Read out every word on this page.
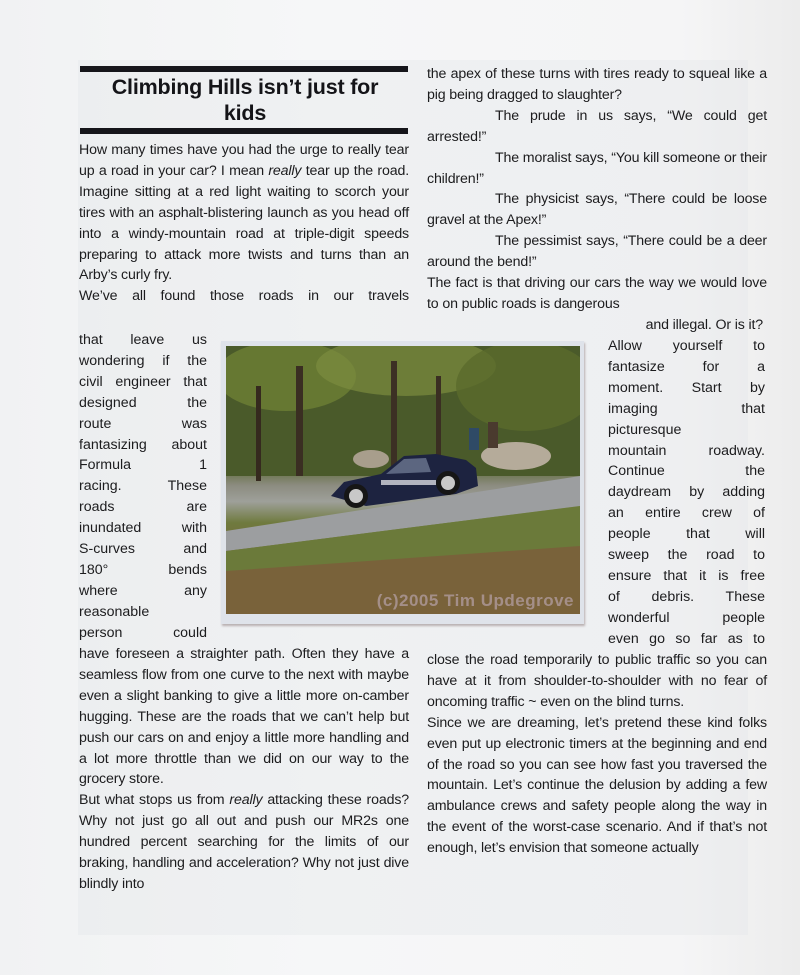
Climbing Hills isn’t just for
kids

How many times have you had the urge to really tear up a road in your car? I mean really tear up the road. Imagine sitting at a red light waiting to scorch your tires with an asphalt-blistering launch as you head off into a windy-mountain road at triple-digit speeds preparing to attack more twists and turns than an Arby’s curly fry.

We’ve all found those roads in our travels

that leave us
wondering if the
civil engineer that
designed the
route was
fantasizing about
Formula 1
racing. These
roads are
inundated with
S-curves and
180° bends
where any
reasonable
person could

have foreseen a straighter path. Often they have a seamless flow from one curve to the next with maybe even a slight banking to give a little more on-camber hugging. These are the roads that we can’t help but push our cars on and enjoy a little more handling and a lot more throttle than we did on our way to the grocery store.

But what stops us from really attacking these roads? Why not just go all out and push our MR2s one hundred percent searching for the limits of our braking, handling and acceleration? Why not just dive blindly into

the apex of these turns with tires ready to squeal like a pig being dragged to slaughter?

The prude in us says, “We could get arrested!”

The moralist says, “You kill someone or their children!”

The physicist says, “There could be loose gravel at the Apex!”

The pessimist says, “There could be a deer around the bend!”

The fact is that driving our cars the way we would love to on public roads is dangerous

and illegal. Or is it?

Allow yourself to
fantasize for a
moment. Start by
imaging that
picturesque
mountain roadway.
Continue the
daydream by adding
an entire crew of
people that will
sweep the road to
ensure that it is free
of debris. These
wonderful people
even go so far as to

close the road temporarily to public traffic so you can have at it from shoulder-to-shoulder with no fear of oncoming traffic ~ even on the blind turns.

Since we are dreaming, let’s pretend these kind folks even put up electronic timers at the beginning and end of the road so you can see how fast you traversed the mountain. Let’s continue the delusion by adding a few ambulance crews and safety people along the way in the event of the worst-case scenario. And if that’s not enough, let’s envision that someone actually

(c)2005 Tim Updegrove
